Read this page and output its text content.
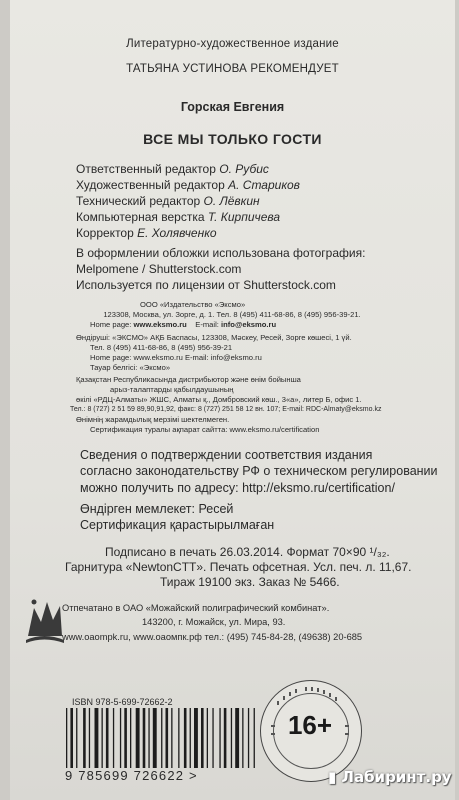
Литературно-художественное издание
ТАТЬЯНА УСТИНОВА РЕКОМЕНДУЕТ
Горская Евгения
ВСЕ МЫ ТОЛЬКО ГОСТИ
Ответственный редактор О. Рубис
Художественный редактор А. Стариков
Технический редактор О. Лёвкин
Компьютерная верстка Т. Кирпичева
Корректор Е. Холявченко
В оформлении обложки использована фотография:
Melpomene / Shutterstock.com
Используется по лицензии от Shutterstock.com
ООО «Издательство «Эксмо»
123308, Москва, ул. Зорге, д. 1. Тел. 8 (495) 411-68-86, 8 (495) 956-39-21.
Home page: www.eksmo.ru E-mail: info@eksmo.ru
Өндіруші: «ЭКСМО» АҚБ Баспасы, 123308, Мәскеу, Ресей, Зорге көшесі, 1 үй.
Тел. 8 (495) 411-68-86, 8 (495) 956-39-21
Home page: www.eksmo.ru E-mail: info@eksmo.ru
Тауар белгісі: «Эксмо»
Қазақстан Республикасында дистрибьютор және өнім бойынша
арыз-талаптарды қабылдаушының
өкілі «РДЦ-Алматы» ЖШС, Алматы қ., Домбровский көш., 3«а», литер Б, офис 1.
Тел.: 8 (727) 2 51 59 89,90,91,92, факс: 8 (727) 251 58 12 вн. 107; E-mail: RDC-Almaty@eksmo.kz
Өнімнің жарамдылық мерзімі шектелмеген.
Сертификация туралы ақпарат сайтта: www.eksmo.ru/certification
Сведения о подтверждении соответствия издания
согласно законодательству РФ о техническом регулировании
можно получить по адресу: http://eksmo.ru/certification/
Өндірген мемлекет: Ресей
Сертификация қарастырылмаған
Подписано в печать 26.03.2014. Формат 70×90 ¹/₃₂.
Гарнитура «NewtonCTT». Печать офсетная. Усл. печ. л. 11,67.
Тираж 19100 экз. Заказ № 5466.
Отпечатано в ОАО «Можайский полиграфический комбинат».
143200, г. Можайск, ул. Мира, 93.
www.oaompk.ru, www.оаомпк.рф тел.: (495) 745-84-28, (49638) 20-685
ISBN 978-5-699-72662-2
9 785699 726622 >
16+
▮ Лабиринт.ру
